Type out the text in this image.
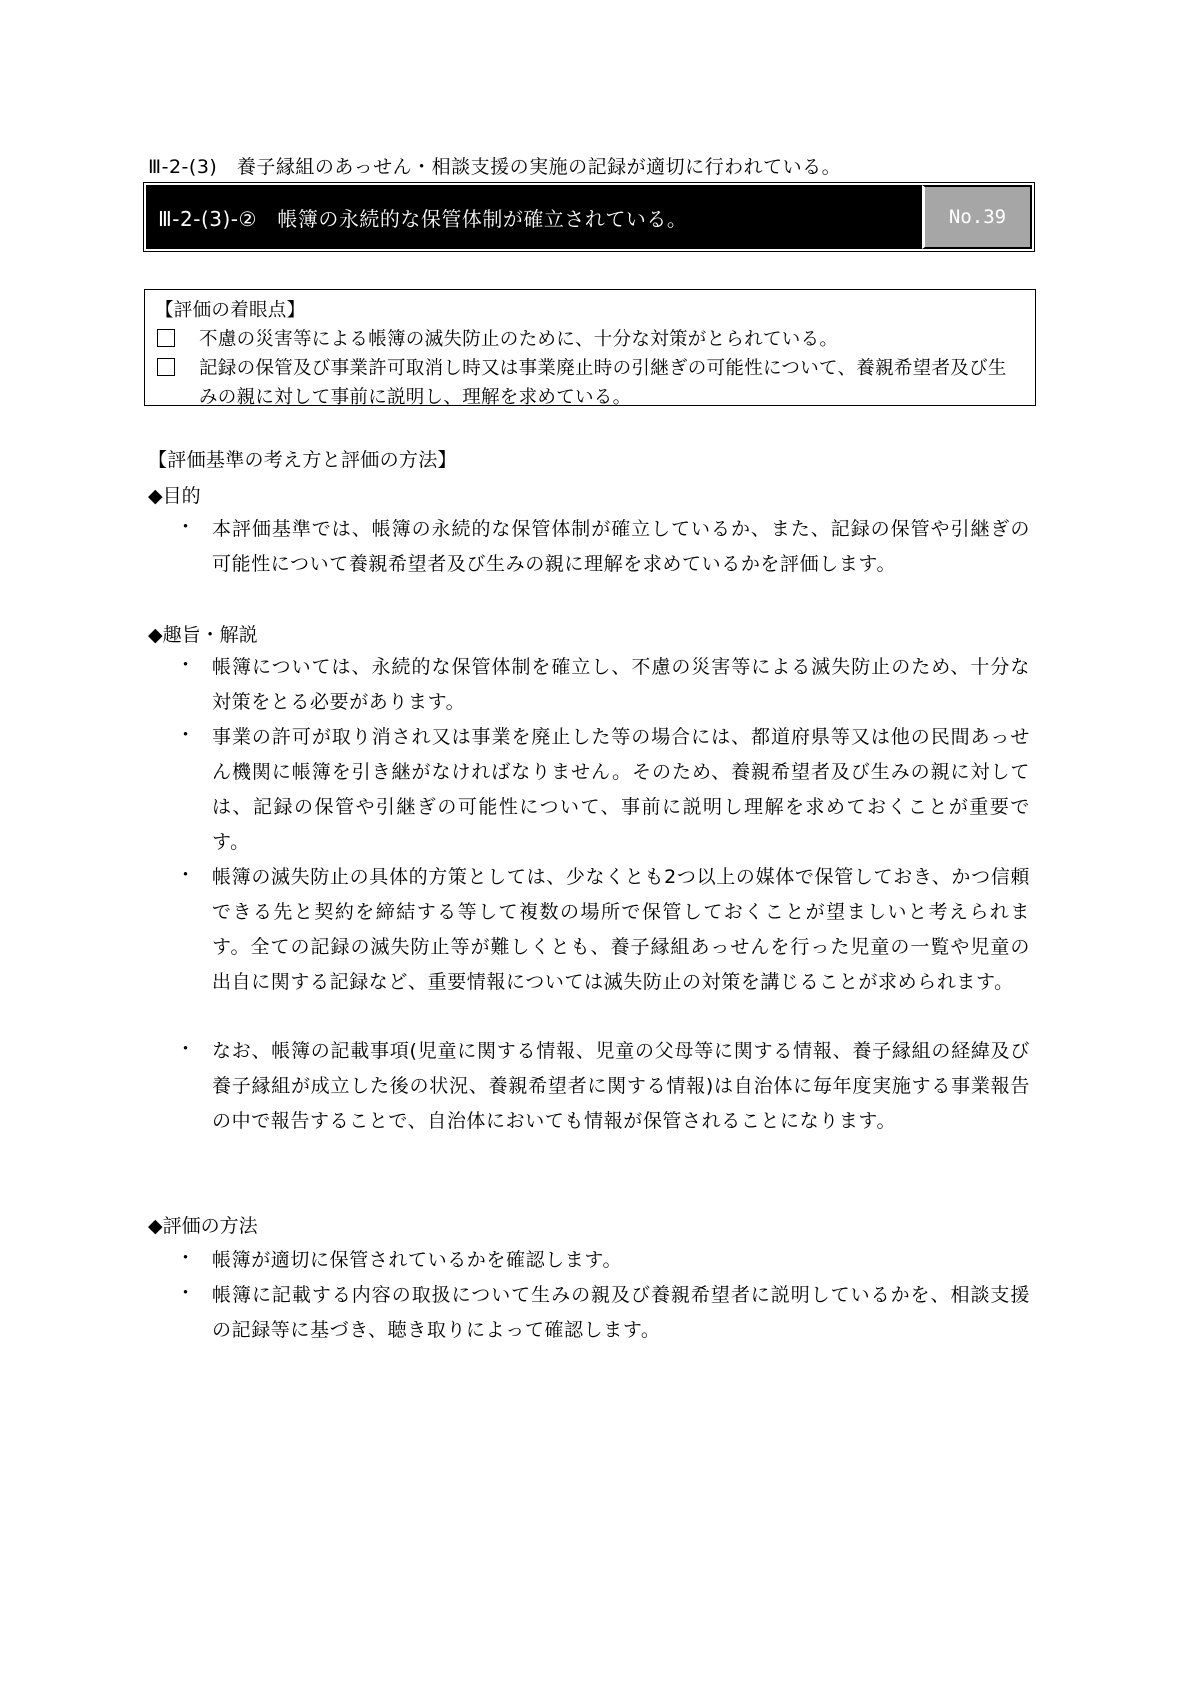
Ⅲ-2-(3)　養子縁組のあっせん・相談支援の実施の記録が適切に行われている。
Ⅲ-2-(3)-②　帳簿の永続的な保管体制が確立されている。	No.39
【評価の着眼点】
不慮の災害等による帳簿の滅失防止のために、十分な対策がとられている。
記録の保管及び事業許可取消し時又は事業廃止時の引継ぎの可能性について、養親希望者及び生みの親に対して事前に説明し、理解を求めている。
【評価基準の考え方と評価の方法】
◆目的
・ 本評価基準では、帳簿の永続的な保管体制が確立しているか、また、記録の保管や引継ぎの可能性について養親希望者及び生みの親に理解を求めているかを評価します。
◆趣旨・解説
・ 帳簿については、永続的な保管体制を確立し、不慮の災害等による滅失防止のため、十分な対策をとる必要があります。
・ 事業の許可が取り消され又は事業を廃止した等の場合には、都道府県等又は他の民間あっせん機関に帳簿を引き継がなければなりません。そのため、養親希望者及び生みの親に対しては、記録の保管や引継ぎの可能性について、事前に説明し理解を求めておくことが重要です。
・ 帳簿の滅失防止の具体的方策としては、少なくとも2つ以上の媒体で保管しておき、かつ信頼できる先と契約を締結する等して複数の場所で保管しておくことが望ましいと考えられます。全ての記録の滅失防止等が難しくとも、養子縁組あっせんを行った児童の一覧や児童の出自に関する記録など、重要情報については滅失防止の対策を講じることが求められます。
・ なお、帳簿の記載事項(児童に関する情報、児童の父母等に関する情報、養子縁組の経緯及び養子縁組が成立した後の状況、養親希望者に関する情報)は自治体に毎年度実施する事業報告の中で報告することで、自治体においても情報が保管されることになります。
◆評価の方法
・ 帳簿が適切に保管されているかを確認します。
・ 帳簿に記載する内容の取扱について生みの親及び養親希望者に説明しているかを、相談支援の記録等に基づき、聴き取りによって確認します。
